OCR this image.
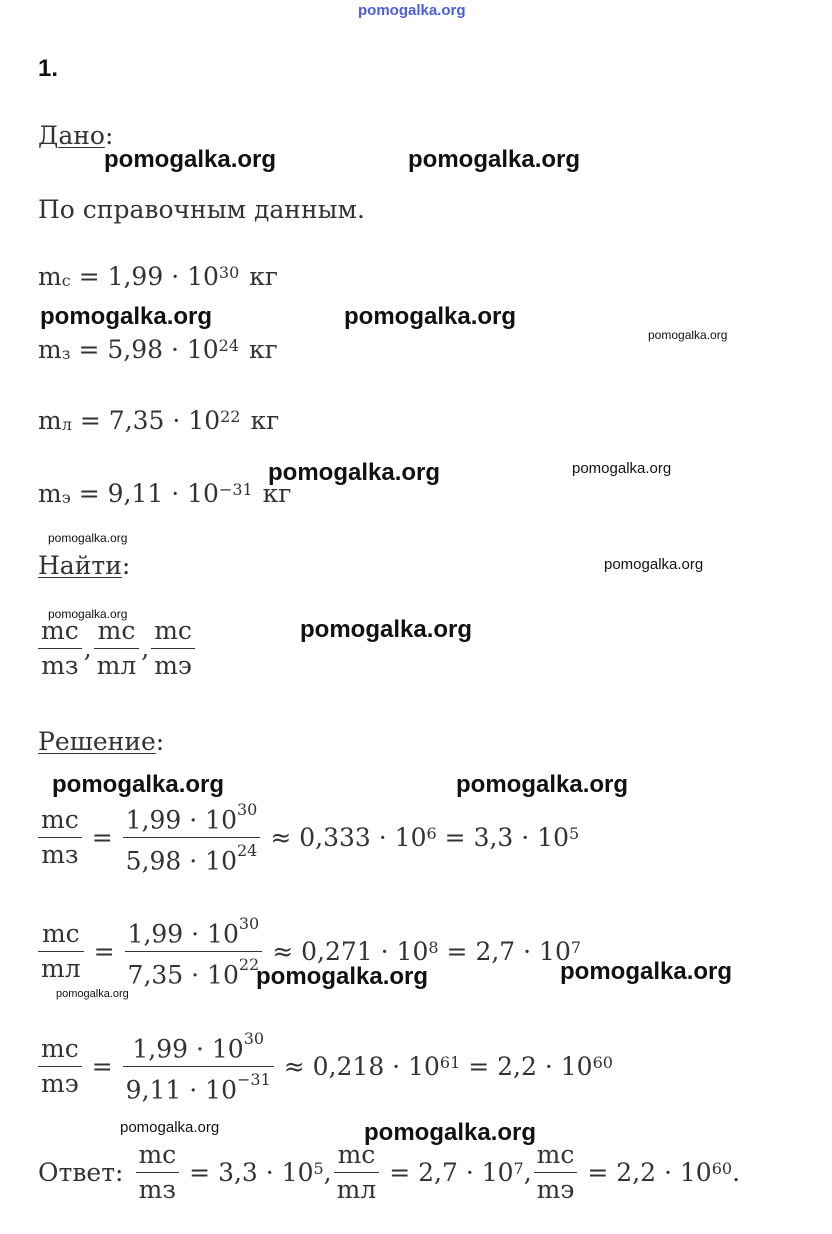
pomogalka.org
1.
Дано:
По справочным данным.
$m_с = 1,99 \cdot 10^{30}$ кг
$m_з = 5,98 \cdot 10^{24}$ кг
$m_л = 7,35 \cdot 10^{22}$ кг
$m_э = 9,11 \cdot 10^{-31}$ кг
Найти:
$\frac{mс}{mз}$ , $\frac{mс}{mл}$ , $\frac{mс}{mэ}$
Решение:
$\frac{mс}{mз} = \frac{1,99 \cdot 10^{30}}{5,98 \cdot 10^{24}} \approx 0,333 \cdot 10^6 = 3,3 \cdot 10^5$
$\frac{mс}{mл} = \frac{1,99 \cdot 10^{30}}{7,35 \cdot 10^{22}} \approx 0,271 \cdot 10^8 = 2,7 \cdot 10^7$
$\frac{mс}{mэ} = \frac{1,99 \cdot 10^{30}}{9,11 \cdot 10^{-31}} \approx 0,218 \cdot 10^{61} = 2,2 \cdot 10^{60}$
Ответ: $\frac{mс}{mз} = 3,3 \cdot 10^5$ , $\frac{mс}{mл} = 2,7 \cdot 10^7$ , $\frac{mс}{mэ} = 2,2 \cdot 10^{60}$ .
pomogalka.org	pomogalka.org
pomogalka.org	pomogalka.org
pomogalka.org
pomogalka.org	pomogalka.org
pomogalka.org
pomogalka.org
pomogalka.org
pomogalka.org
pomogalka.org	pomogalka.org
pomogalka.org	pomogalka.org
pomogalka.org
pomogalka.org	pomogalka.org
